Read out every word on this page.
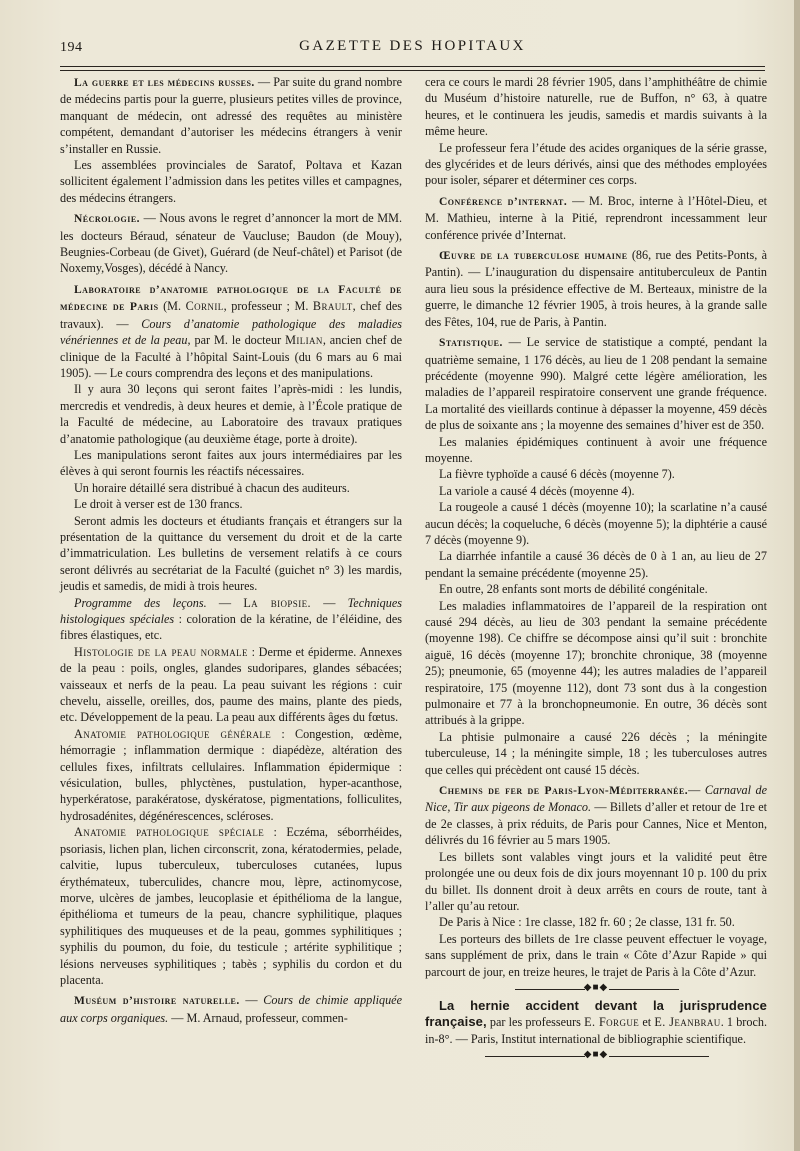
194	GAZETTE DES HOPITAUX

La guerre et les médecins russes. — Par suite du grand nombre de médecins partis pour la guerre, plusieurs petites villes de province, manquant de médecin, ont adressé des requêtes au ministère compétent, demandant d’autoriser les médecins étrangers à venir s’installer en Russie.

Les assemblées provinciales de Saratof, Poltava et Kazan sollicitent également l’admission dans les petites villes et campagnes, des médecins étrangers.

Nécrologie. — Nous avons le regret d’annoncer la mort de MM. les docteurs Béraud, sénateur de Vaucluse; Baudon (de Mouy), Beugnies-Corbeau (de Givet), Guérard (de Neuf-châtel) et Parisot (de Noxemy,Vosges), décédé à Nancy.

Laboratoire d’anatomie pathologique de la Faculté de médecine de Paris (M. Cornil, professeur ; M. Brault, chef des travaux). — Cours d’anatomie pathologique des maladies vénériennes et de la peau, par M. le docteur Milian, ancien chef de clinique de la Faculté à l’hôpital Saint-Louis (du 6 mars au 6 mai 1905). — Le cours comprendra des leçons et des manipulations.

Il y aura 30 leçons qui seront faites l’après-midi : les lundis, mercredis et vendredis, à deux heures et demie, à l’École pratique de la Faculté de médecine, au Laboratoire des travaux pratiques d’anatomie pathologique (au deuxième étage, porte à droite).

Les manipulations seront faites aux jours intermédiaires par les élèves à qui seront fournis les réactifs nécessaires.

Un horaire détaillé sera distribué à chacun des auditeurs.

Le droit à verser est de 130 francs.

Seront admis les docteurs et étudiants français et étrangers sur la présentation de la quittance du versement du droit et de la carte d’immatriculation. Les bulletins de versement relatifs à ce cours seront délivrés au secrétariat de la Faculté (guichet n° 3) les mardis, jeudis et samedis, de midi à trois heures.

Programme des leçons. — La biopsie. — Techniques histologiques spéciales : coloration de la kératine, de l’éléidine, des fibres élastiques, etc.

Histologie de la peau normale : Derme et épiderme. Annexes de la peau : poils, ongles, glandes sudoripares, glandes sébacées; vaisseaux et nerfs de la peau. La peau suivant les régions : cuir chevelu, aisselle, oreilles, dos, paume des mains, plante des pieds, etc. Développement de la peau. La peau aux différents âges du fœtus.

Anatomie pathologique générale : Congestion, œdème, hémorragie ; inflammation dermique : diapédèze, altération des cellules fixes, infiltrats cellulaires. Inflammation épidermique : vésiculation, bulles, phlyctènes, pustulation, hyper-acanthose, hyperkératose, parakératose, dyskératose, pigmentations, folliculites, hydrosadénites, dégénérescences, scléroses.

Anatomie pathologique spéciale : Eczéma, séborrhéides, psoriasis, lichen plan, lichen circonscrit, zona, kératodermies, pelade, calvitie, lupus tuberculeux, tuberculoses cutanées, lupus érythémateux, tuberculides, chancre mou, lèpre, actinomycose, morve, ulcères de jambes, leucoplasie et épithélioma de la langue, épithélioma et tumeurs de la peau, chancre syphilitique, plaques syphilitiques des muqueuses et de la peau, gommes syphilitiques ; syphilis du poumon, du foie, du testicule ; artérite syphilitique ; lésions nerveuses syphilitiques ; tabès ; syphilis du cordon et du placenta.

Muséum d’histoire naturelle. — Cours de chimie appliquée aux corps organiques. — M. Arnaud, professeur, commen-

cera ce cours le mardi 28 février 1905, dans l’amphithéâtre de chimie du Muséum d’histoire naturelle, rue de Buffon, n° 63, à quatre heures, et le continuera les jeudis, samedis et mardis suivants à la même heure.

Le professeur fera l’étude des acides organiques de la série grasse, des glycérides et de leurs dérivés, ainsi que des méthodes employées pour isoler, séparer et déterminer ces corps.

Conférence d’internat. — M. Broc, interne à l’Hôtel-Dieu, et M. Mathieu, interne à la Pitié, reprendront incessamment leur conférence privée d’Internat.

Œuvre de la tuberculose humaine (86, rue des Petits-Ponts, à Pantin). — L’inauguration du dispensaire antituberculeux de Pantin aura lieu sous la présidence effective de M. Berteaux, ministre de la guerre, le dimanche 12 février 1905, à trois heures, à la grande salle des Fêtes, 104, rue de Paris, à Pantin.

Statistique. — Le service de statistique a compté, pendant la quatrième semaine, 1 176 décès, au lieu de 1 208 pendant la semaine précédente (moyenne 990). Malgré cette légère amélioration, les maladies de l’appareil respiratoire conservent une grande fréquence. La mortalité des vieillards continue à dépasser la moyenne, 459 décès de plus de soixante ans ; la moyenne des semaines d’hiver est de 350.

Les malanies épidémiques continuent à avoir une fréquence moyenne.

La fièvre typhoïde a causé 6 décès (moyenne 7).

La variole a causé 4 décès (moyenne 4).

La rougeole a causé 1 décès (moyenne 10); la scarlatine n’a causé aucun décès; la coqueluche, 6 décès (moyenne 5); la diphtérie a causé 7 décès (moyenne 9).

La diarrhée infantile a causé 36 décès de 0 à 1 an, au lieu de 27 pendant la semaine précédente (moyenne 25).

En outre, 28 enfants sont morts de débilité congénitale.

Les maladies inflammatoires de l’appareil de la respiration ont causé 294 décès, au lieu de 303 pendant la semaine précédente (moyenne 198). Ce chiffre se décompose ainsi qu’il suit : bronchite aiguë, 16 décès (moyenne 17); bronchite chronique, 38 (moyenne 25); pneumonie, 65 (moyenne 44); les autres maladies de l’appareil respiratoire, 175 (moyenne 112), dont 73 sont dus à la congestion pulmonaire et 77 à la bronchopneumonie. En outre, 36 décès sont attribués à la grippe.

La phtisie pulmonaire a causé 226 décès ; la méningite tuberculeuse, 14 ; la méningite simple, 18 ; les tuberculoses autres que celles qui précèdent ont causé 15 décès.

Chemins de fer de Paris-Lyon-Méditerranée.— Carnaval de Nice, Tir aux pigeons de Monaco. — Billets d’aller et retour de 1re et de 2e classes, à prix réduits, de Paris pour Cannes, Nice et Menton, délivrés du 16 février au 5 mars 1905.

Les billets sont valables vingt jours et la validité peut être prolongée une ou deux fois de dix jours moyennant 10 p. 100 du prix du billet. Ils donnent droit à deux arrêts en cours de route, tant à l’aller qu’au retour.

De Paris à Nice : 1re classe, 182 fr. 60 ; 2e classe, 131 fr. 50.

Les porteurs des billets de 1re classe peuvent effectuer le voyage, sans supplément de prix, dans le train « Côte d’Azur Rapide » qui parcourt de jour, en treize heures, le trajet de Paris à la Côte d’Azur.

◆■◆

La hernie accident devant la jurisprudence française, par les professeurs E. Forgue et E. Jeanbrau. 1 broch. in-8°. — Paris, Institut international de bibliographie scientifique.

◆■◆
